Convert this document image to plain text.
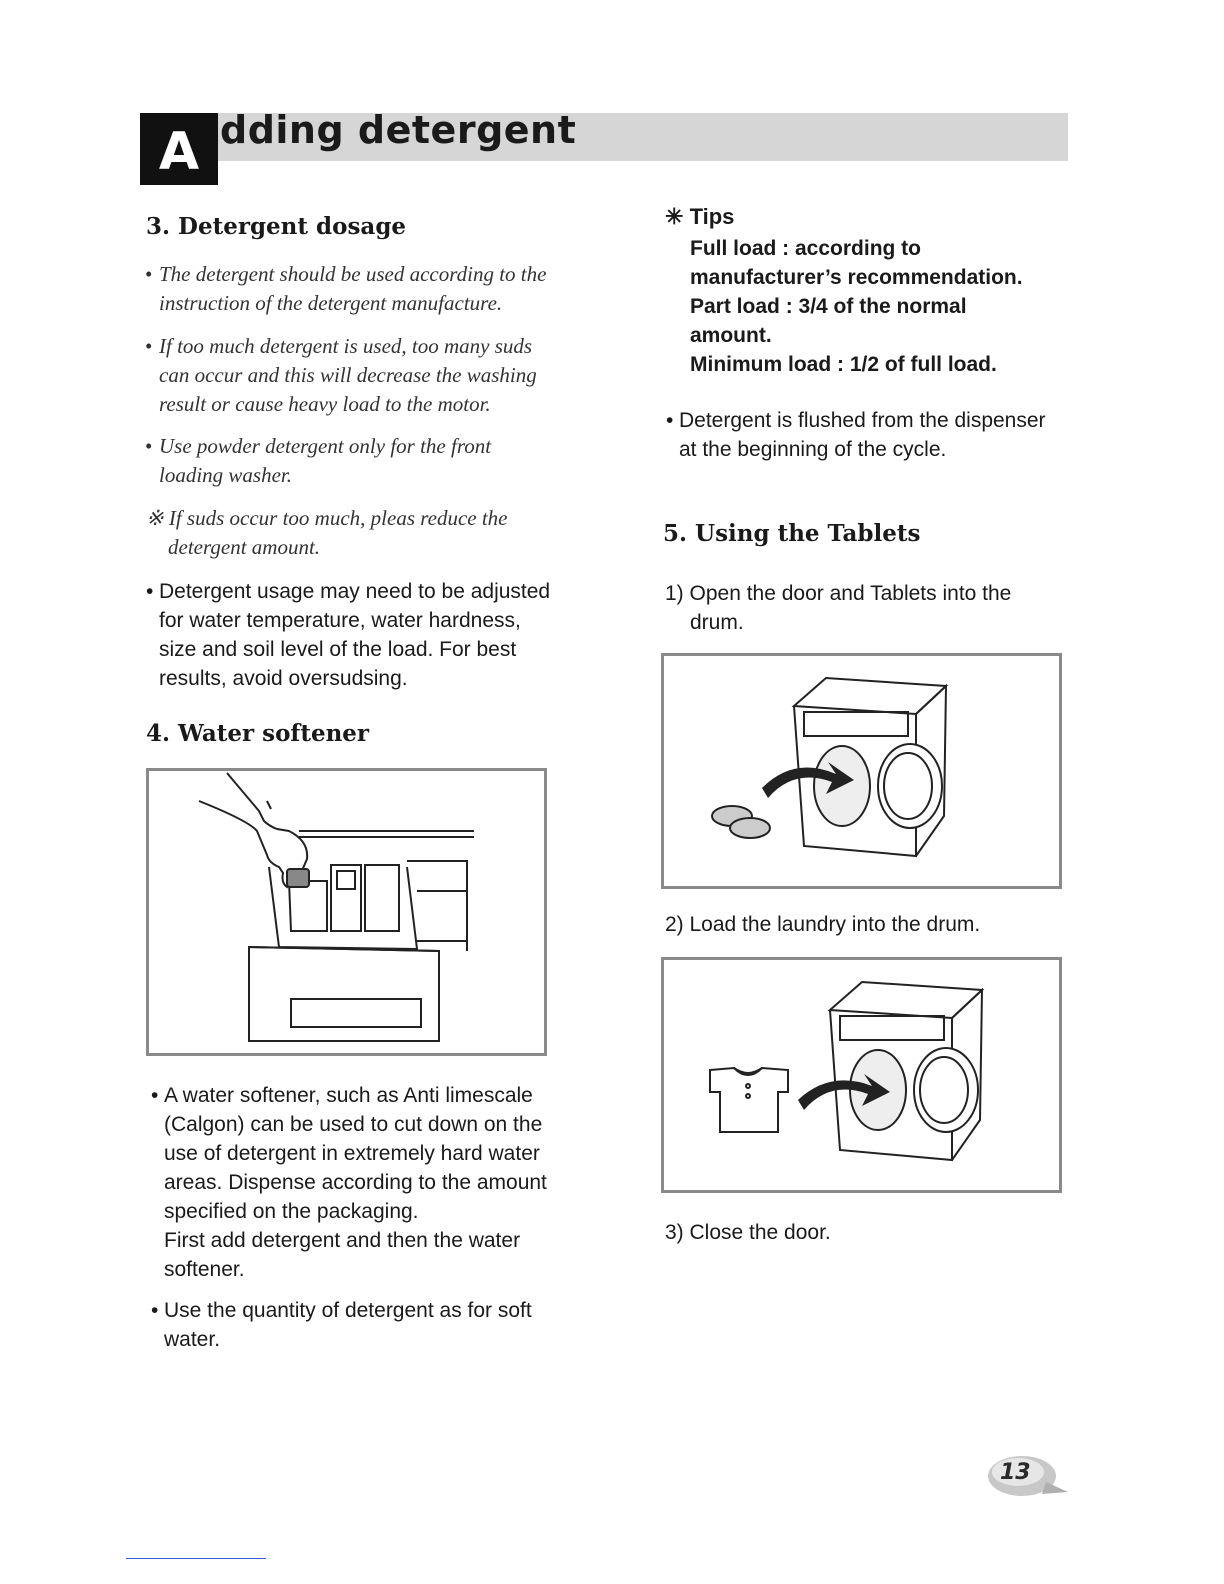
A dding detergent
3. Detergent dosage
• The detergent should be used according to the
instruction of the detergent manufacture.
• If too much detergent is used, too many suds
can occur and this will decrease the washing
result or cause heavy load to the motor.
• Use powder detergent only for the front
loading washer.
※ If suds occur too much, pleas reduce the
detergent amount.
• Detergent usage may need to be adjusted
for water temperature, water hardness,
size and soil level of the load. For best
results, avoid oversudsing.
4. Water softener
• A water softener, such as Anti limescale
(Calgon) can be used to cut down on the
use of detergent in extremely hard water
areas. Dispense according to the amount
specified on the packaging.
First add detergent and then the water
softener.
• Use the quantity of detergent as for soft
water.
✳ Tips
Full load : according to
manufacturer’s recommendation.
Part load : 3/4 of the normal
amount.
Minimum load : 1/2 of full load.
• Detergent is flushed from the dispenser
at the beginning of the cycle.
5. Using the Tablets
1) Open the door and Tablets into the
drum.
2) Load the laundry into the drum.
3) Close the door.
13
